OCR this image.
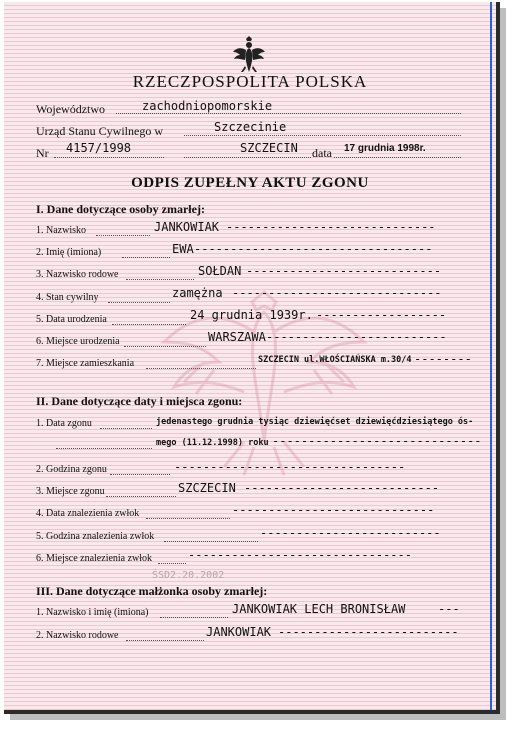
RZECZPOSPOLITA POLSKA
Województwo	zachodniopomorskie
Urząd Stanu Cywilnego w	Szczecinie
Nr 4157/1998	SZCZECIN data 17 grudnia 1998r.
ODPIS ZUPEŁNY AKTU ZGONU
I. Dane dotyczące osoby zmarłej:
1. Nazwisko	JANKOWIAK -----------------------------
2. Imię (imiona)	EWA ---------------------------------
3. Nazwisko rodowe	SOŁDAN ---------------------------
4. Stan cywilny	zamężna -----------------------------
5. Data urodzenia	24 grudnia 1939r. ------------------
6. Miejsce urodzenia	WARSZAWA -------------------------
7. Miejsce zamieszkania	SZCZECIN ul.WŁOŚCIAŃSKA m.30/4 --------
II. Dane dotyczące daty i miejsca zgonu:
1. Data zgonu	jedenastego grudnia tysiąc dziewięćset dziewięćdziesiątego ós-
mego (11.12.1998) roku -----------------------------
2. Godzina zgonu	--------------------------------
3. Miejsce zgonu	SZCZECIN ---------------------------
4. Data znalezienia zwłok	----------------------------
5. Godzina znalezienia zwłok	-------------------------
6. Miejsce znalezienia zwłok	-------------------------------
ŚSD2.20.2002
III. Dane dotyczące małżonka osoby zmarłej:
1. Nazwisko i imię (imiona)	JANKOWIAK LECH BRONISŁAW	---
2. Nazwisko rodowe	JANKOWIAK -------------------------
